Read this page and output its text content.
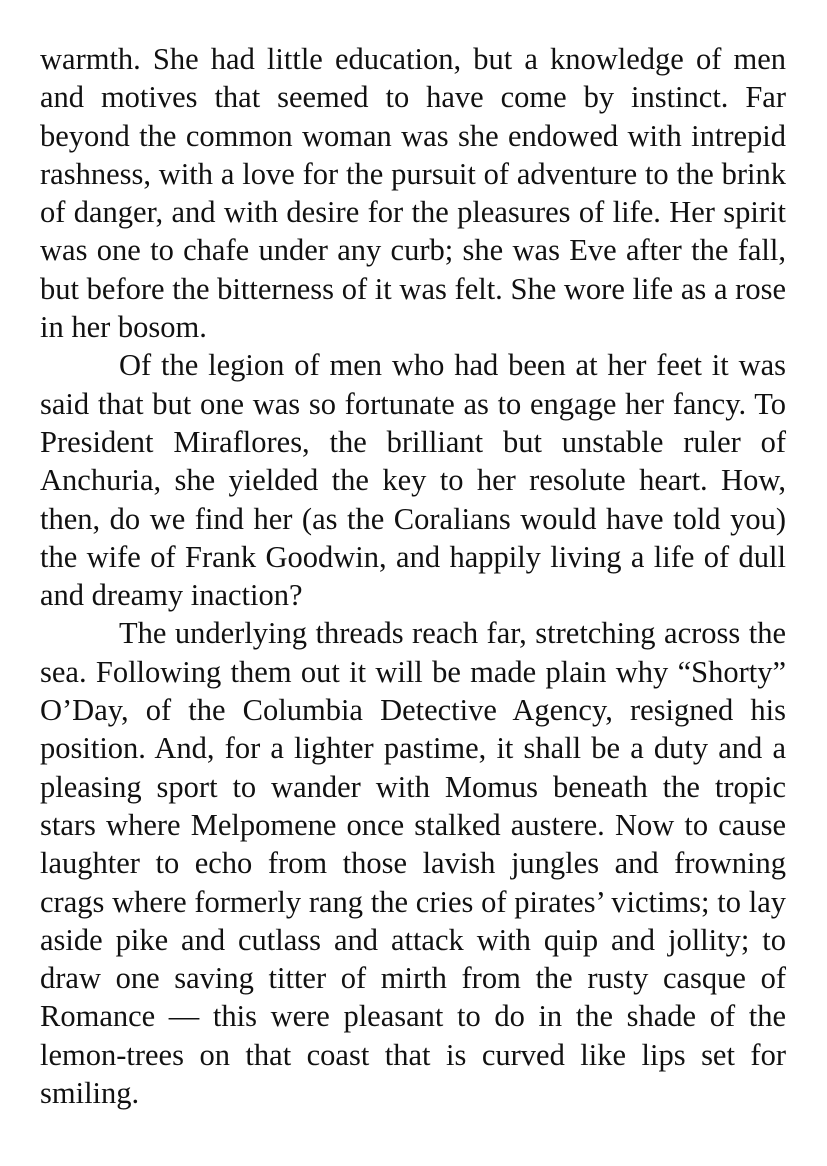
warmth. She had little education, but a knowledge of men and motives that seemed to have come by instinct. Far beyond the common woman was she endowed with intrepid rashness, with a love for the pursuit of adventure to the brink of danger, and with desire for the pleasures of life. Her spirit was one to chafe under any curb; she was Eve after the fall, but before the bitterness of it was felt. She wore life as a rose in her bosom.

Of the legion of men who had been at her feet it was said that but one was so fortunate as to engage her fancy. To President Miraflores, the brilliant but unstable ruler of Anchuria, she yielded the key to her resolute heart. How, then, do we find her (as the Coralians would have told you) the wife of Frank Goodwin, and happily living a life of dull and dreamy inaction?

The underlying threads reach far, stretching across the sea. Following them out it will be made plain why “Shorty” O’Day, of the Columbia Detective Agency, resigned his position. And, for a lighter pastime, it shall be a duty and a pleasing sport to wander with Momus beneath the tropic stars where Melpomene once stalked austere. Now to cause laughter to echo from those lavish jungles and frowning crags where formerly rang the cries of pirates’ victims; to lay aside pike and cutlass and attack with quip and jollity; to draw one saving titter of mirth from the rusty casque of Romance — this were pleasant to do in the shade of the lemon-trees on that coast that is curved like lips set for smiling.
